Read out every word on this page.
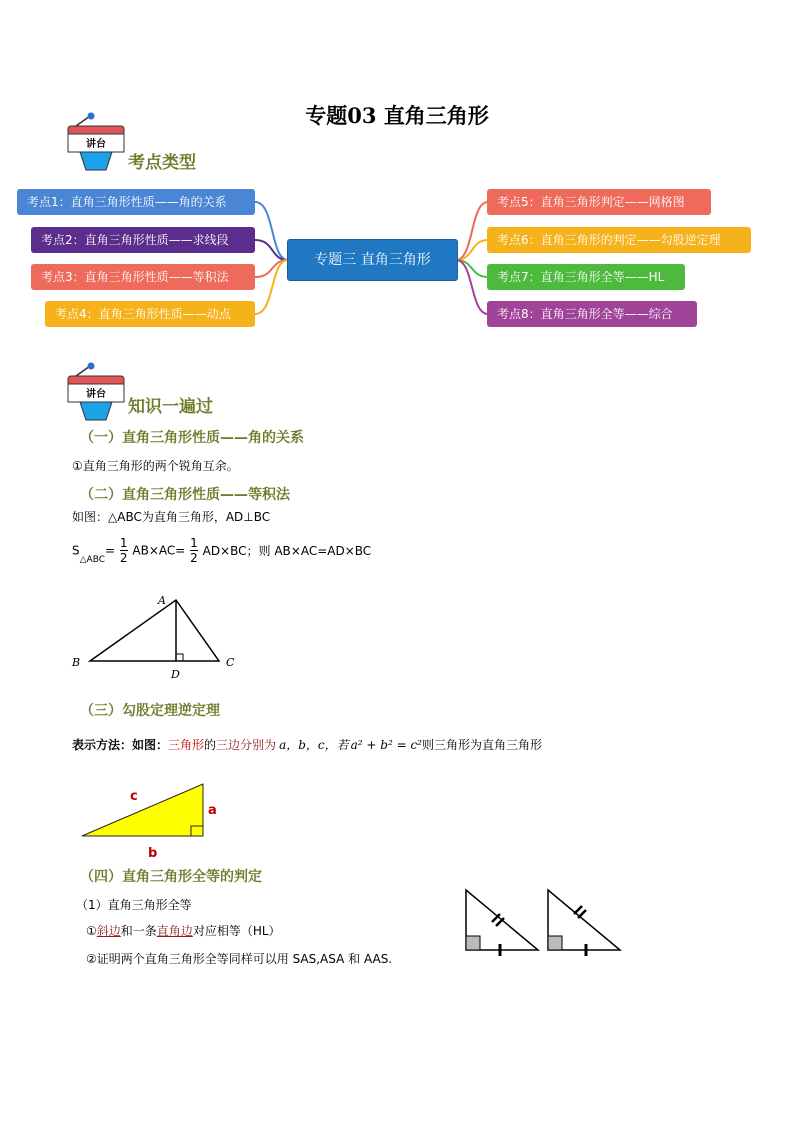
专题03 直角三角形
讲台
考点类型
考点1：直角三角形性质——角的关系
考点2：直角三角形性质——求线段
考点3：直角三角形性质——等积法
考点4：直角三角形性质——动点
专题三 直角三角形
考点5：直角三角形判定——网格图
考点6：直角三角形的判定——勾股逆定理
考点7：直角三角形全等——HL
考点8：直角三角形全等——综合
讲台
知识一遍过
（一）直角三角形性质——角的关系
①直角三角形的两个锐角互余。
（二）直角三角形性质——等积法
如图：△ABC为直角三角形，AD⊥BC
$S_{\triangle ABC}= \frac{1}{2} AB\times AC= \frac{1}{2} AD\times BC$；则 AB×AC=AD×BC
A
B	C
D
（三）勾股定理逆定理
表示方法：如图：三角形的三边分别为 a，b，c，若 a² + b² = c²则三角形为直角三角形
c
a
b
（四）直角三角形全等的判定
（1）直角三角形全等
①斜边和一条直角边对应相等（HL）
②证明两个直角三角形全等同样可以用 SAS,ASA 和 AAS.
